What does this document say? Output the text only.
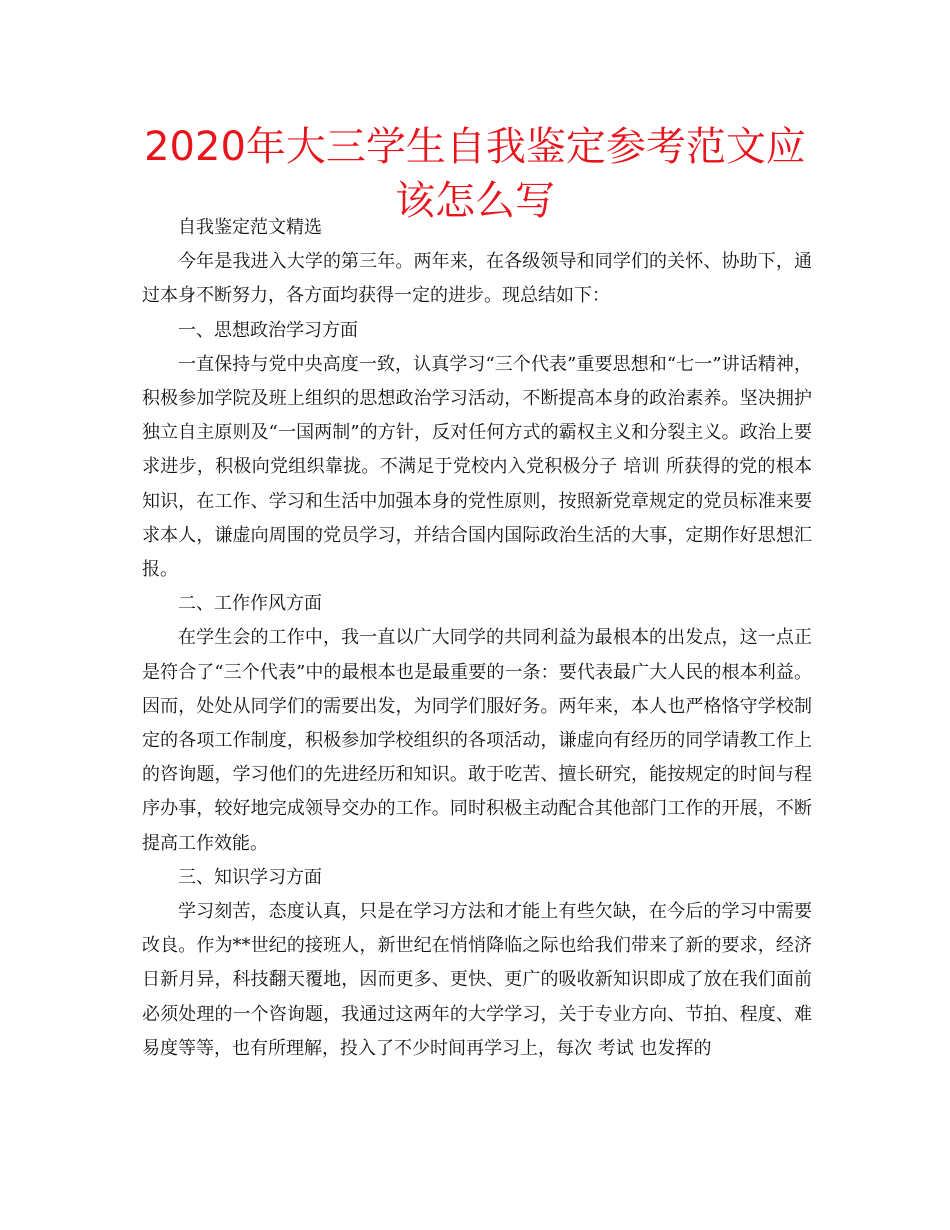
2020年大三学生自我鉴定参考范文应该怎么写

自我鉴定范文精选

今年是我进入大学的第三年。两年来，在各级领导和同学们的关怀、协助下，通过本身不断努力，各方面均获得一定的进步。现总结如下：

一、思想政治学习方面

一直保持与党中央高度一致，认真学习“三个代表”重要思想和“七一”讲话精神，积极参加学院及班上组织的思想政治学习活动，不断提高本身的政治素养。坚决拥护独立自主原则及“一国两制”的方针，反对任何方式的霸权主义和分裂主义。政治上要求进步，积极向党组织靠拢。不满足于党校内入党积极分子 培训 所获得的党的根本知识，在工作、学习和生活中加强本身的党性原则，按照新党章规定的党员标准来要求本人，谦虚向周围的党员学习，并结合国内国际政治生活的大事，定期作好思想汇报。

二、工作作风方面

在学生会的工作中，我一直以广大同学的共同利益为最根本的出发点，这一点正是符合了“三个代表”中的最根本也是最重要的一条：要代表最广大人民的根本利益。因而，处处从同学们的需要出发，为同学们服好务。两年来，本人也严格恪守学校制定的各项工作制度，积极参加学校组织的各项活动，谦虚向有经历的同学请教工作上的咨询题，学习他们的先进经历和知识。敢于吃苦、擅长研究，能按规定的时间与程序办事，较好地完成领导交办的工作。同时积极主动配合其他部门工作的开展，不断提高工作效能。

三、知识学习方面

学习刻苦，态度认真，只是在学习方法和才能上有些欠缺，在今后的学习中需要改良。作为**世纪的接班人，新世纪在悄悄降临之际也给我们带来了新的要求，经济日新月异，科技翻天覆地，因而更多、更快、更广的吸收新知识即成了放在我们面前必须处理的一个咨询题，我通过这两年的大学学习，关于专业方向、节拍、程度、难易度等等，也有所理解，投入了不少时间再学习上，每次 考试 也发挥的
